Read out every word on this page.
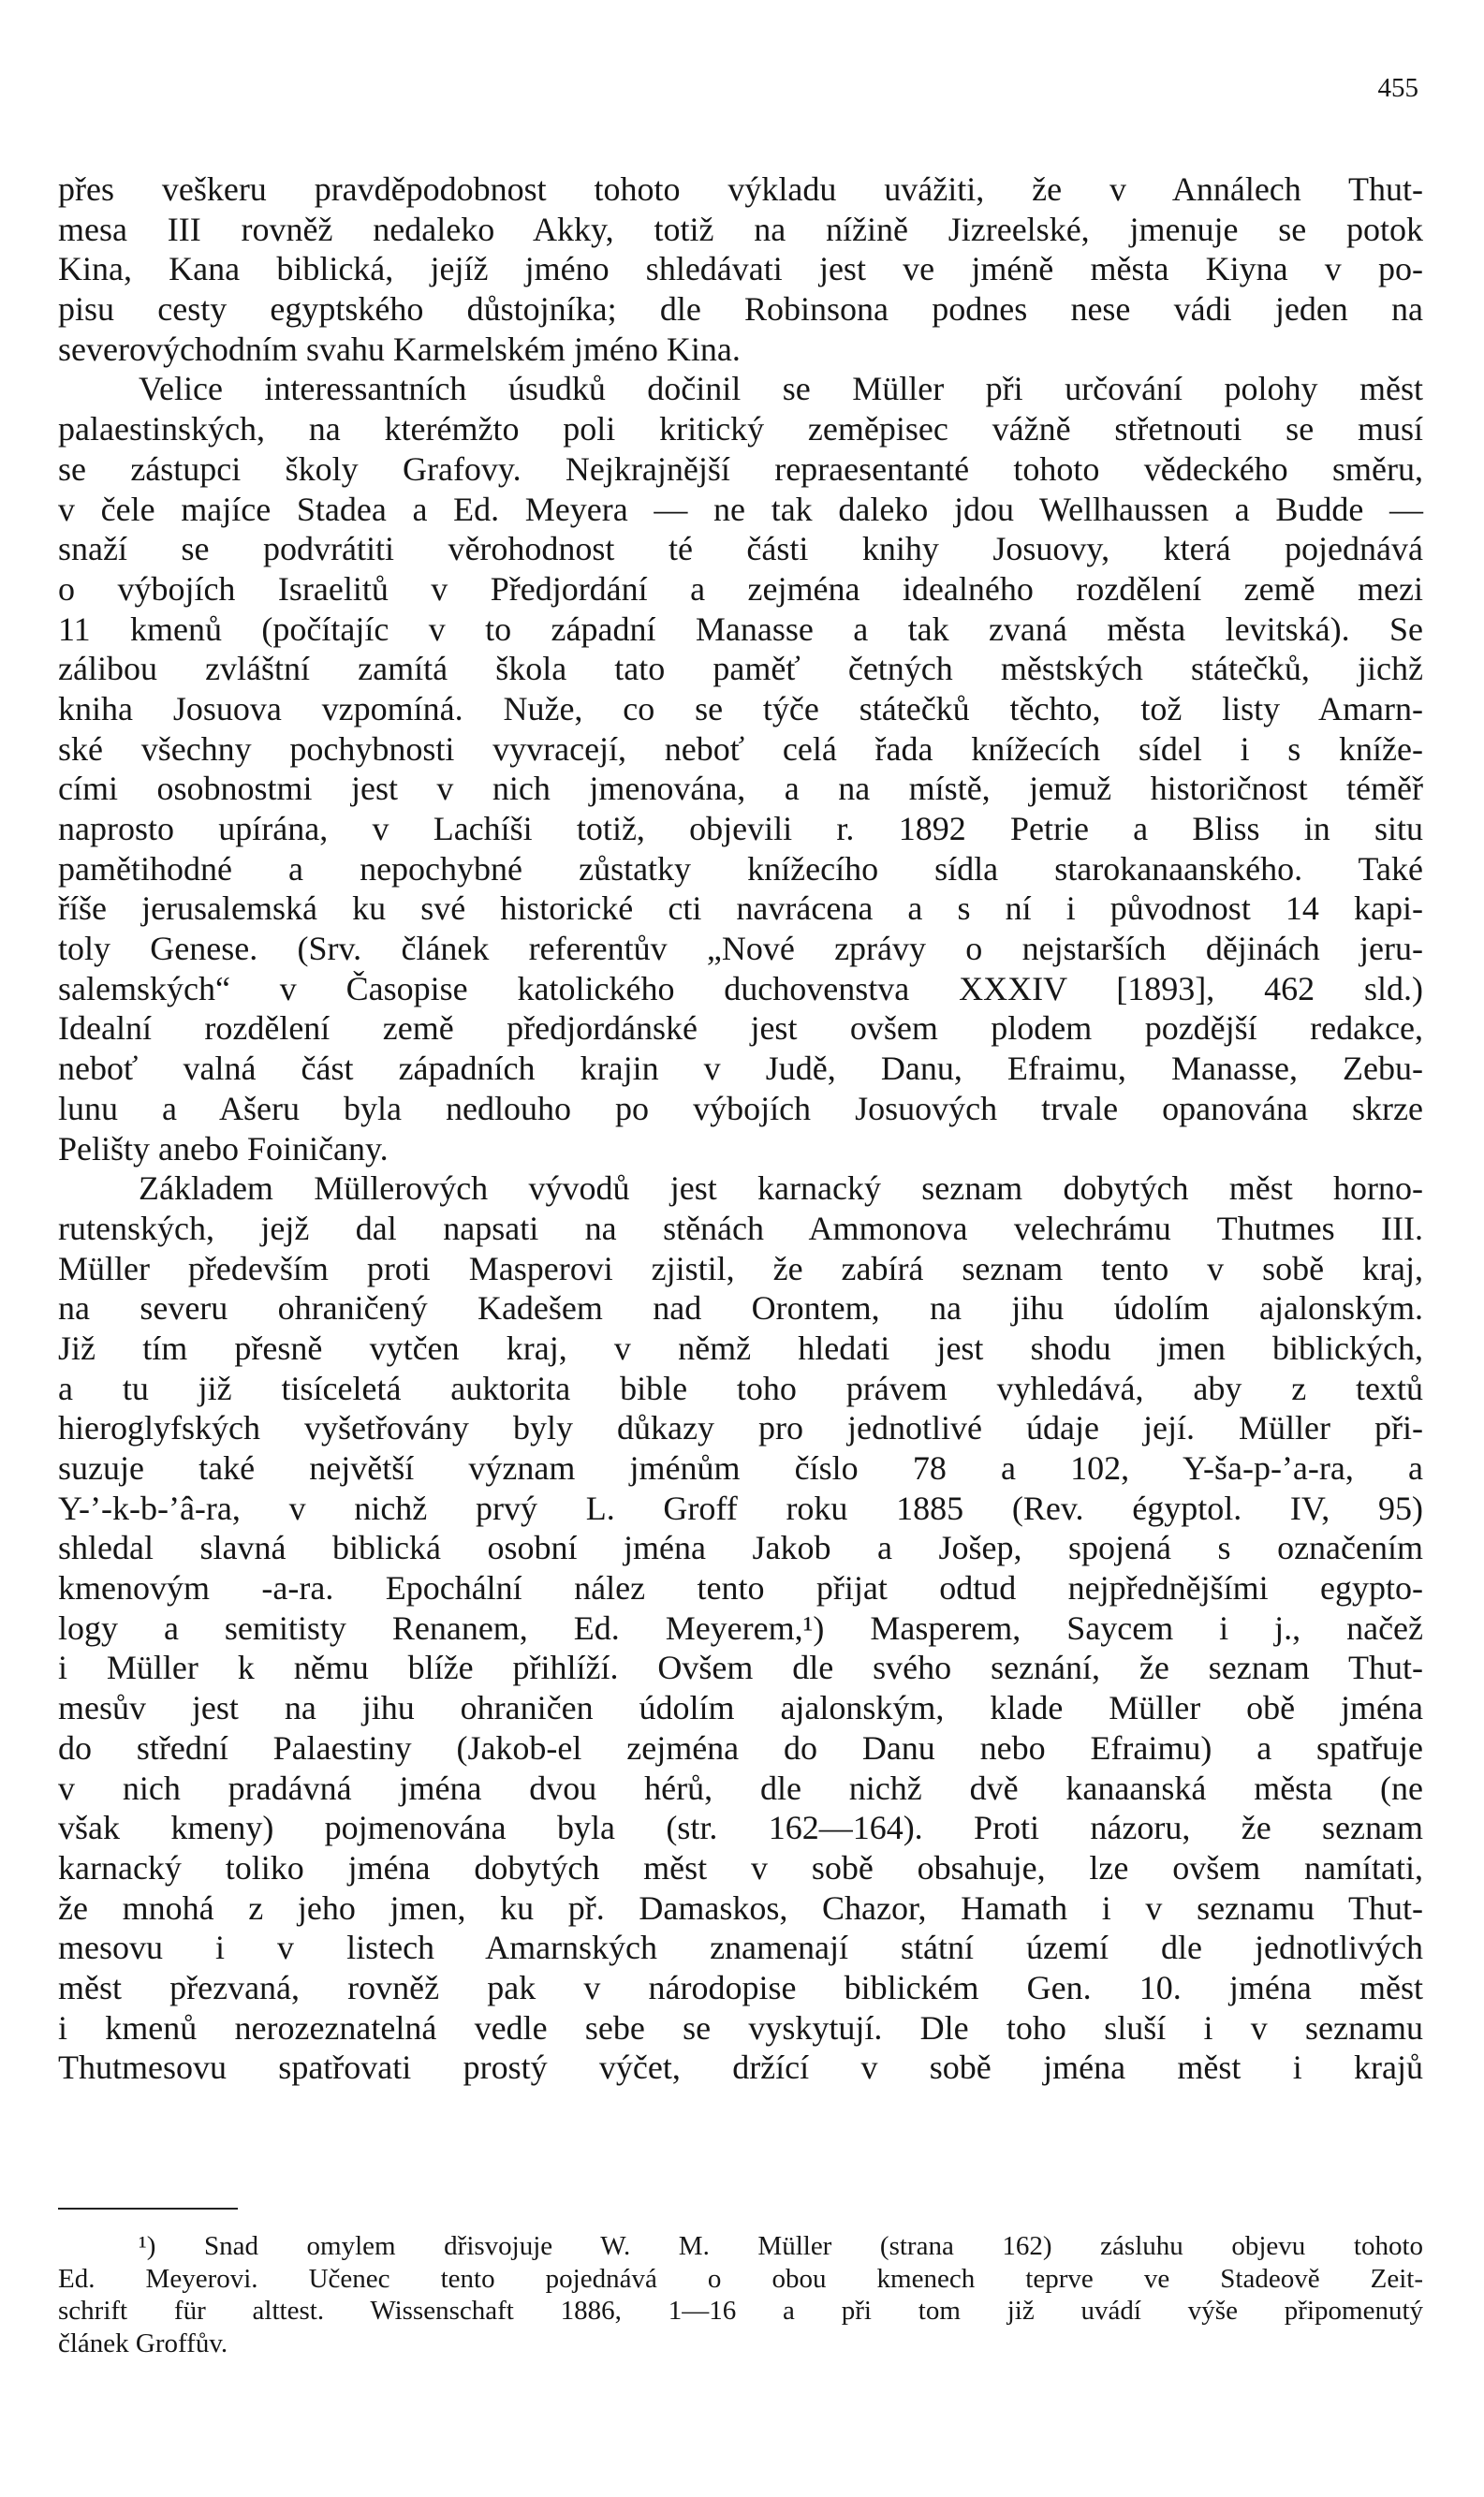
455
přes veškeru pravděpodobnost tohoto výkladu uvážiti, že v Annálech Thut-
mesa III rovněž nedaleko Akky, totiž na nížině Jizreelské, jmenuje se potok
Kina, Kana biblická, jejíž jméno shledávati jest ve jméně města Kiyna v po-
pisu cesty egyptského důstojníka; dle Robinsona podnes nese vádi jeden na
severovýchodním svahu Karmelském jméno Kina.
Velice interessantních úsudků dočinil se Müller při určování polohy měst
palaestinských, na kterémžto poli kritický zeměpisec vážně střetnouti se musí
se zástupci školy Grafovy. Nejkrajnější repraesentanté tohoto vědeckého směru,
v čele majíce Stadea a Ed. Meyera — ne tak daleko jdou Wellhaussen a Budde —
snaží se podvrátiti věrohodnost té části knihy Josuovy, která pojednává
o výbojích Israelitů v Předjordání a zejména idealného rozdělení země mezi
11 kmenů (počítajíc v to západní Manasse a tak zvaná města levitská). Se
zálibou zvláštní zamítá škola tato paměť četných městských státečků, jichž
kniha Josuova vzpomíná. Nuže, co se týče státečků těchto, tož listy Amarn-
ské všechny pochybnosti vyvracejí, neboť celá řada knížecích sídel i s kníže-
cími osobnostmi jest v nich jmenována, a na místě, jemuž historičnost téměř
naprosto upírána, v Lachíši totiž, objevili r. 1892 Petrie a Bliss in situ
pamětihodné a nepochybné zůstatky knížecího sídla starokanaanského. Také
říše jerusalemská ku své historické cti navrácena a s ní i původnost 14 kapi-
toly Genese. (Srv. článek referentův „Nové zprávy o nejstarších dějinách jeru-
salemských“ v Časopise katolického duchovenstva XXXIV [1893], 462 sld.)
Idealní rozdělení země předjordánské jest ovšem plodem pozdější redakce,
neboť valná část západních krajin v Judě, Danu, Efraimu, Manasse, Zebu-
lunu a Ašeru byla nedlouho po výbojích Josuových trvale opanována skrze
Pelišty anebo Foiničany.
Základem Müllerových vývodů jest karnacký seznam dobytých měst horno-
rutenských, jejž dal napsati na stěnách Ammonova velechrámu Thutmes III.
Müller především proti Masperovi zjistil, že zabírá seznam tento v sobě kraj,
na severu ohraničený Kadešem nad Orontem, na jihu údolím ajalonským.
Již tím přesně vytčen kraj, v němž hledati jest shodu jmen biblických,
a tu již tisíceletá auktorita bible toho právem vyhledává, aby z textů
hieroglyfských vyšetřovány byly důkazy pro jednotlivé údaje její. Müller při-
suzuje také největší význam jménům číslo 78 a 102, Y-ša-p-’a-ra, a
Y-’-k-b-’â-ra, v nichž prvý L. Groff roku 1885 (Rev. égyptol. IV, 95)
shledal slavná biblická osobní jména Jakob a Jošep, spojená s označením
kmenovým -a-ra. Epochální nález tento přijat odtud nejpřednějšími egypto-
logy a semitisty Renanem, Ed. Meyerem,¹) Masperem, Saycem i j., načež
i Müller k němu blíže přihlíží. Ovšem dle svého seznání, že seznam Thut-
mesův jest na jihu ohraničen údolím ajalonským, klade Müller obě jména
do střední Palaestiny (Jakob-el zejména do Danu nebo Efraimu) a spatřuje
v nich pradávná jména dvou hérů, dle nichž dvě kanaanská města (ne
však kmeny) pojmenována byla (str. 162—164). Proti názoru, že seznam
karnacký toliko jména dobytých měst v sobě obsahuje, lze ovšem namítati,
že mnohá z jeho jmen, ku př. Damaskos, Chazor, Hamath i v seznamu Thut-
mesovu i v listech Amarnských znamenají státní území dle jednotlivých
měst přezvaná, rovněž pak v národopise biblickém Gen. 10. jména měst
i kmenů nerozeznatelná vedle sebe se vyskytují. Dle toho sluší i v seznamu
Thutmesovu spatřovati prostý výčet, držící v sobě jména měst i krajů
¹) Snad omylem dřisvojuje W. M. Müller (strana 162) zásluhu objevu tohoto
Ed. Meyerovi. Učenec tento pojednává o obou kmenech teprve ve Stadeově Zeit-
schrift für alttest. Wissenschaft 1886, 1—16 a při tom již uvádí výše připomenutý
článek Groffův.
